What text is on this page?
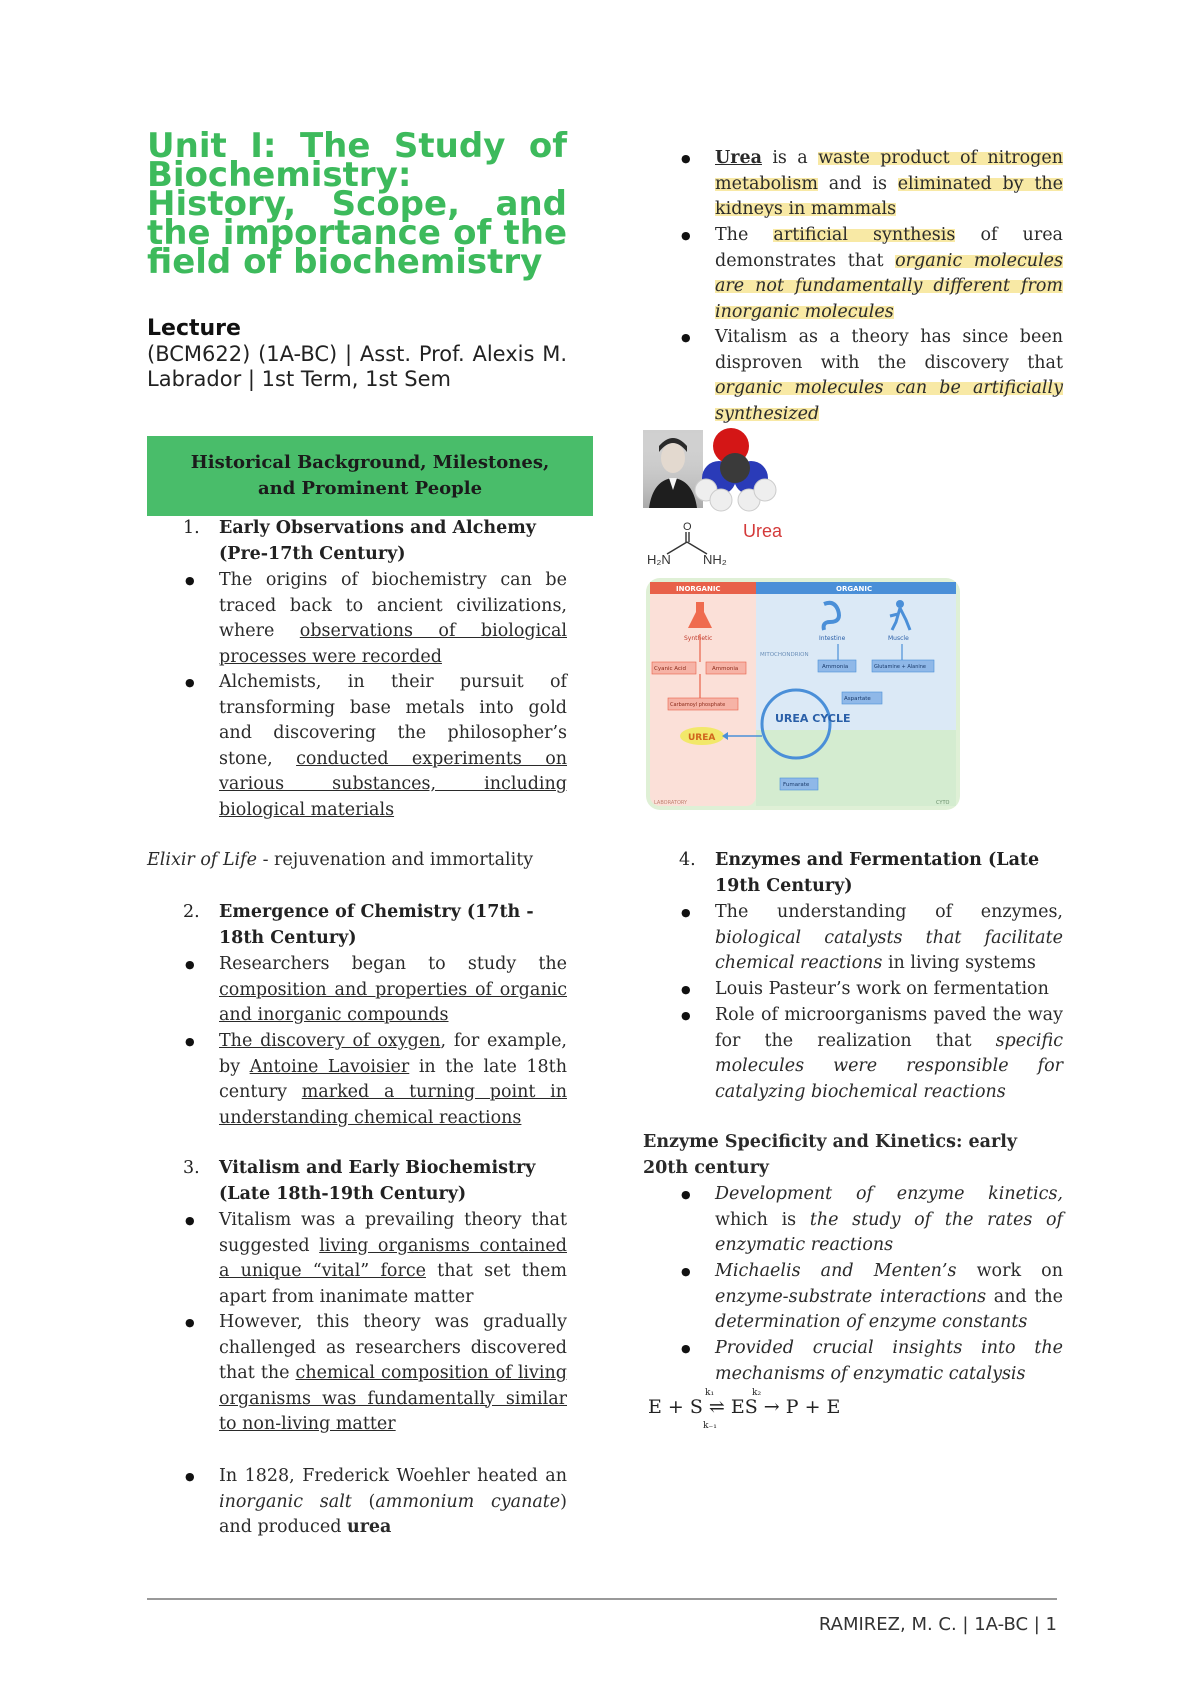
Unit I: The Study of Biochemistry: History, Scope, and the importance of the field of biochemistry
Lecture
(BCM622) (1A-BC) | Asst. Prof. Alexis M. Labrador | 1st Term, 1st Sem
Historical Background, Milestones, and Prominent People
1. Early Observations and Alchemy (Pre-17th Century)
● The origins of biochemistry can be traced back to ancient civilizations, where observations of biological processes were recorded
● Alchemists, in their pursuit of transforming base metals into gold and discovering the philosopher’s stone, conducted experiments on various substances, including biological materials
Elixir of Life - rejuvenation and immortality
2. Emergence of Chemistry (17th - 18th Century)
● Researchers began to study the composition and properties of organic and inorganic compounds
● The discovery of oxygen, for example, by Antoine Lavoisier in the late 18th century marked a turning point in understanding chemical reactions
3. Vitalism and Early Biochemistry (Late 18th-19th Century)
● Vitalism was a prevailing theory that suggested living organisms contained a unique “vital” force that set them apart from inanimate matter
● However, this theory was gradually challenged as researchers discovered that the chemical composition of living organisms was fundamentally similar to non-living matter
● In 1828, Frederick Woehler heated an inorganic salt (ammonium cyanate) and produced urea
● Urea is a waste product of nitrogen metabolism and is eliminated by the kidneys in mammals
● The artificial synthesis of urea demonstrates that organic molecules are not fundamentally different from inorganic molecules
● Vitalism as a theory has since been disproven with the discovery that organic molecules can be artificially synthesized
Urea
O
H₂N NH₂
INORGANIC	ORGANIC
Synthetic	Intestine	Muscle
MITOCHONDRION
Cyanic Acid	Ammonia	Ammonia	Glutamine + Alanine
Carbamoyl phosphate
Aspartate
UREA CYCLE
UREA
Fumarate
LABORATORY	CYTO
4. Enzymes and Fermentation (Late 19th Century)
● The understanding of enzymes, biological catalysts that facilitate chemical reactions in living systems
● Louis Pasteur’s work on fermentation
● Role of microorganisms paved the way for the realization that specific molecules were responsible for catalyzing biochemical reactions
Enzyme Specificity and Kinetics: early 20th century
● Development of enzyme kinetics, which is the study of the rates of enzymatic reactions
● Michaelis and Menten’s work on enzyme-substrate interactions and the determination of enzyme constants
● Provided crucial insights into the mechanisms of enzymatic catalysis
k₁	k₂
E + S ⇌ ES → P + E
k₋₁
RAMIREZ, M. C. | 1A-BC | 1
